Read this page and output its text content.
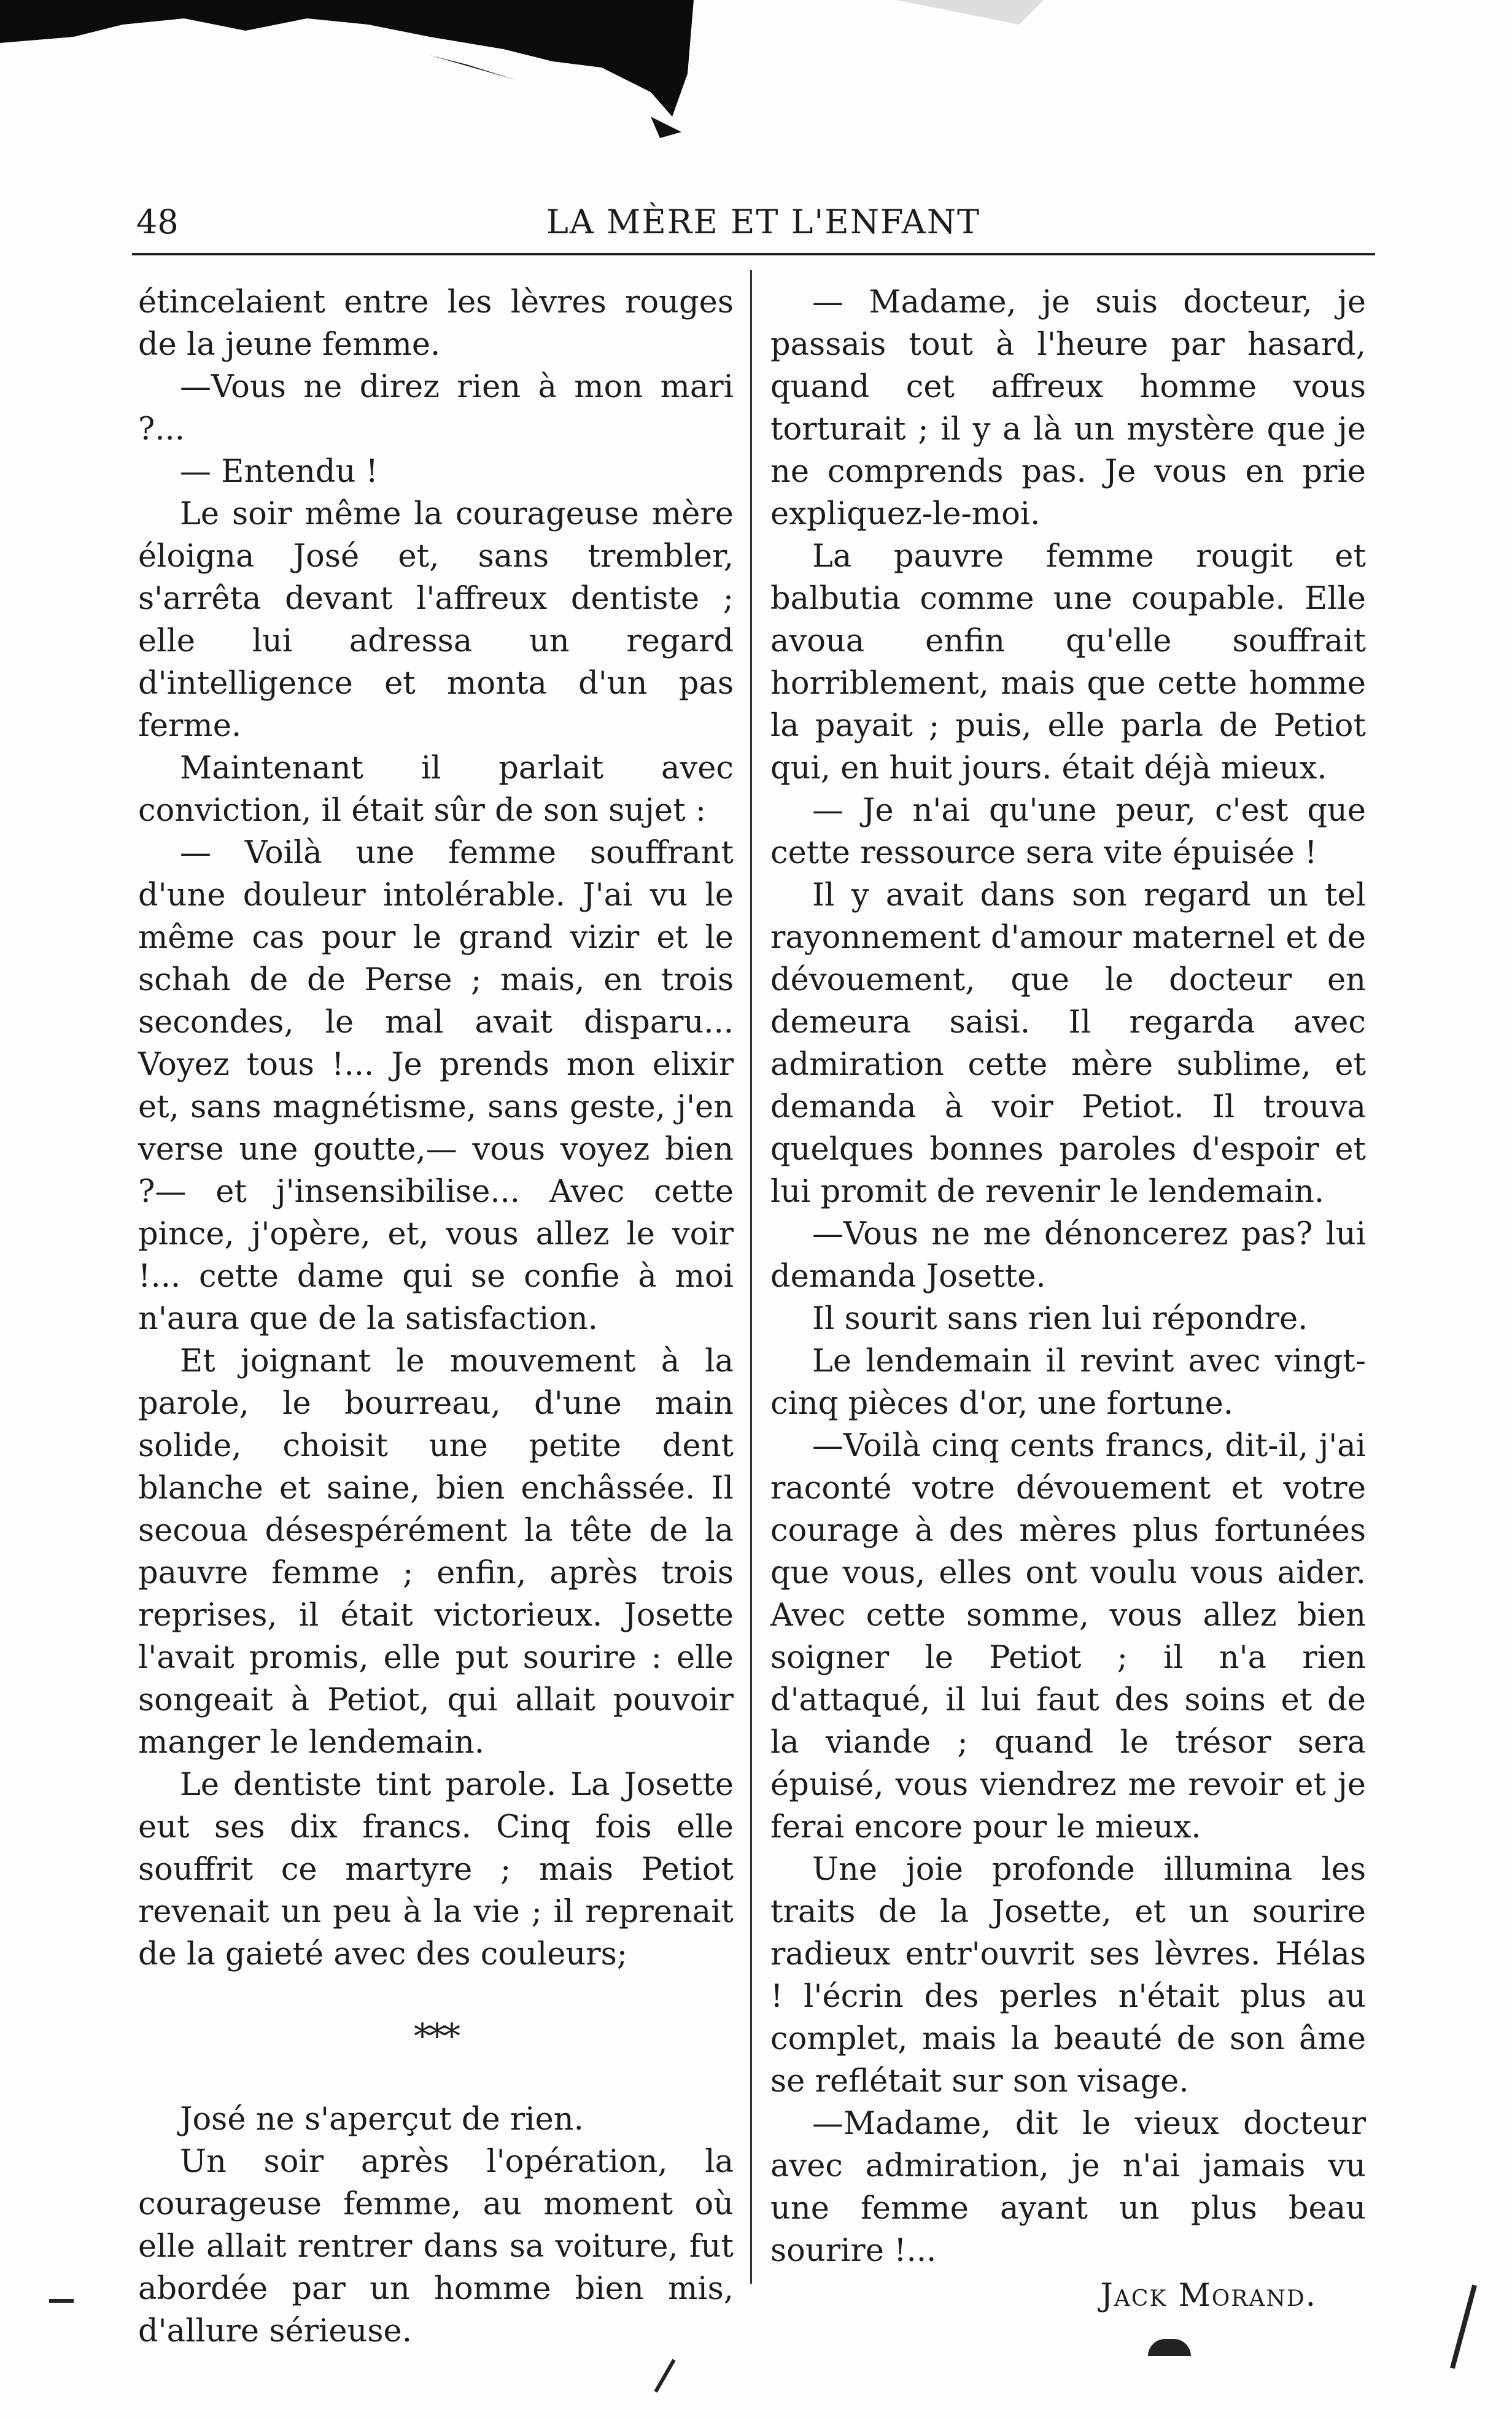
48	LA MÈRE ET L'ENFANT

étincelaient entre les lèvres rouges de la jeune femme.

—Vous ne direz rien à mon mari ?...

— Entendu !

Le soir même la courageuse mère éloigna José et, sans trembler, s'arrêta devant l'affreux dentiste ; elle lui adressa un regard d'intelligence et monta d'un pas ferme.

Maintenant il parlait avec conviction, il était sûr de son sujet :

— Voilà une femme souffrant d'une douleur intolérable. J'ai vu le même cas pour le grand vizir et le schah de de Perse ; mais, en trois secondes, le mal avait disparu... Voyez tous !... Je prends mon elixir et, sans magnétisme, sans geste, j'en verse une goutte,— vous voyez bien ?— et j'insensibilise... Avec cette pince, j'opère, et, vous allez le voir !... cette dame qui se confie à moi n'aura que de la satisfaction.

Et joignant le mouvement à la parole, le bourreau, d'une main solide, choisit une petite dent blanche et saine, bien enchâssée. Il secoua désespérément la tête de la pauvre femme ; enfin, après trois reprises, il était victorieux. Josette l'avait promis, elle put sourire : elle songeait à Petiot, qui allait pouvoir manger le lendemain.

Le dentiste tint parole. La Josette eut ses dix francs. Cinq fois elle souffrit ce martyre ; mais Petiot revenait un peu à la vie ; il reprenait de la gaieté avec des couleurs;

***

José ne s'aperçut de rien.

Un soir après l'opération, la courageuse femme, au moment où elle allait rentrer dans sa voiture, fut abordée par un homme bien mis, d'allure sérieuse.

— Madame, je suis docteur, je passais tout à l'heure par hasard, quand cet affreux homme vous torturait ; il y a là un mystère que je ne comprends pas. Je vous en prie expliquez-le-moi.

La pauvre femme rougit et balbutia comme une coupable. Elle avoua enfin qu'elle souffrait horriblement, mais que cette homme la payait ; puis, elle parla de Petiot qui, en huit jours. était déjà mieux.

— Je n'ai qu'une peur, c'est que cette ressource sera vite épuisée !

Il y avait dans son regard un tel rayonnement d'amour maternel et de dévouement, que le docteur en demeura saisi. Il regarda avec admiration cette mère sublime, et demanda à voir Petiot. Il trouva quelques bonnes paroles d'espoir et lui promit de revenir le lendemain.

—Vous ne me dénoncerez pas? lui demanda Josette.

Il sourit sans rien lui répondre.

Le lendemain il revint avec vingt-cinq pièces d'or, une fortune.

—Voilà cinq cents francs, dit-il, j'ai raconté votre dévouement et votre courage à des mères plus fortunées que vous, elles ont voulu vous aider. Avec cette somme, vous allez bien soigner le Petiot ; il n'a rien d'attaqué, il lui faut des soins et de la viande ; quand le trésor sera épuisé, vous viendrez me revoir et je ferai encore pour le mieux.

Une joie profonde illumina les traits de la Josette, et un sourire radieux entr'ouvrit ses lèvres. Hélas ! l'écrin des perles n'était plus au complet, mais la beauté de son âme se reflétait sur son visage.

—Madame, dit le vieux docteur avec admiration, je n'ai jamais vu une femme ayant un plus beau sourire !...

Jack Morand.
